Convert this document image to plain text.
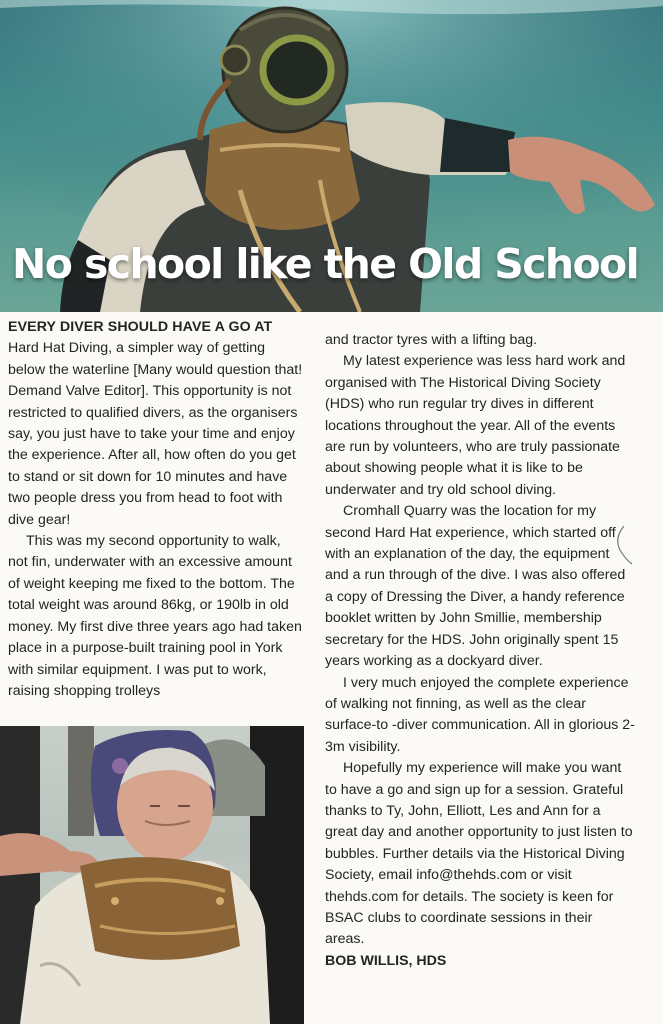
No school like the Old School

EVERY DIVER SHOULD HAVE A GO AT
Hard Hat Diving, a simpler way of getting below the waterline [Many would question that! Demand Valve Editor]. This opportunity is not restricted to qualified divers, as the organisers say, you just have to take your time and enjoy the experience. After all, how often do you get to stand or sit down for 10 minutes and have two people dress you from head to foot with dive gear!

This was my second opportunity to walk, not fin, underwater with an excessive amount of weight keeping me fixed to the bottom. The total weight was around 86kg, or 190lb in old money. My first dive three years ago had taken place in a purpose-built training pool in York with similar equipment. I was put to work, raising shopping trolleys

and tractor tyres with a lifting bag.

My latest experience was less hard work and organised with The Historical Diving Society (HDS) who run regular try dives in different locations throughout the year. All of the events are run by volunteers, who are truly passionate about showing people what it is like to be underwater and try old school diving.

Cromhall Quarry was the location for my second Hard Hat experience, which started off with an explanation of the day, the equipment and a run through of the dive. I was also offered a copy of Dressing the Diver, a handy reference booklet written by John Smillie, membership secretary for the HDS. John originally spent 15 years working as a dockyard diver.

I very much enjoyed the complete experience of walking not finning, as well as the clear surface-to -diver communication. All in glorious 2-3m visibility.

Hopefully my experience will make you want to have a go and sign up for a session. Grateful thanks to Ty, John, Elliott, Les and Ann for a great day and another opportunity to just listen to bubbles. Further details via the Historical Diving Society, email info@thehds.com or visit thehds.com for details. The society is keen for BSAC clubs to coordinate sessions in their areas.

BOB WILLIS, HDS
